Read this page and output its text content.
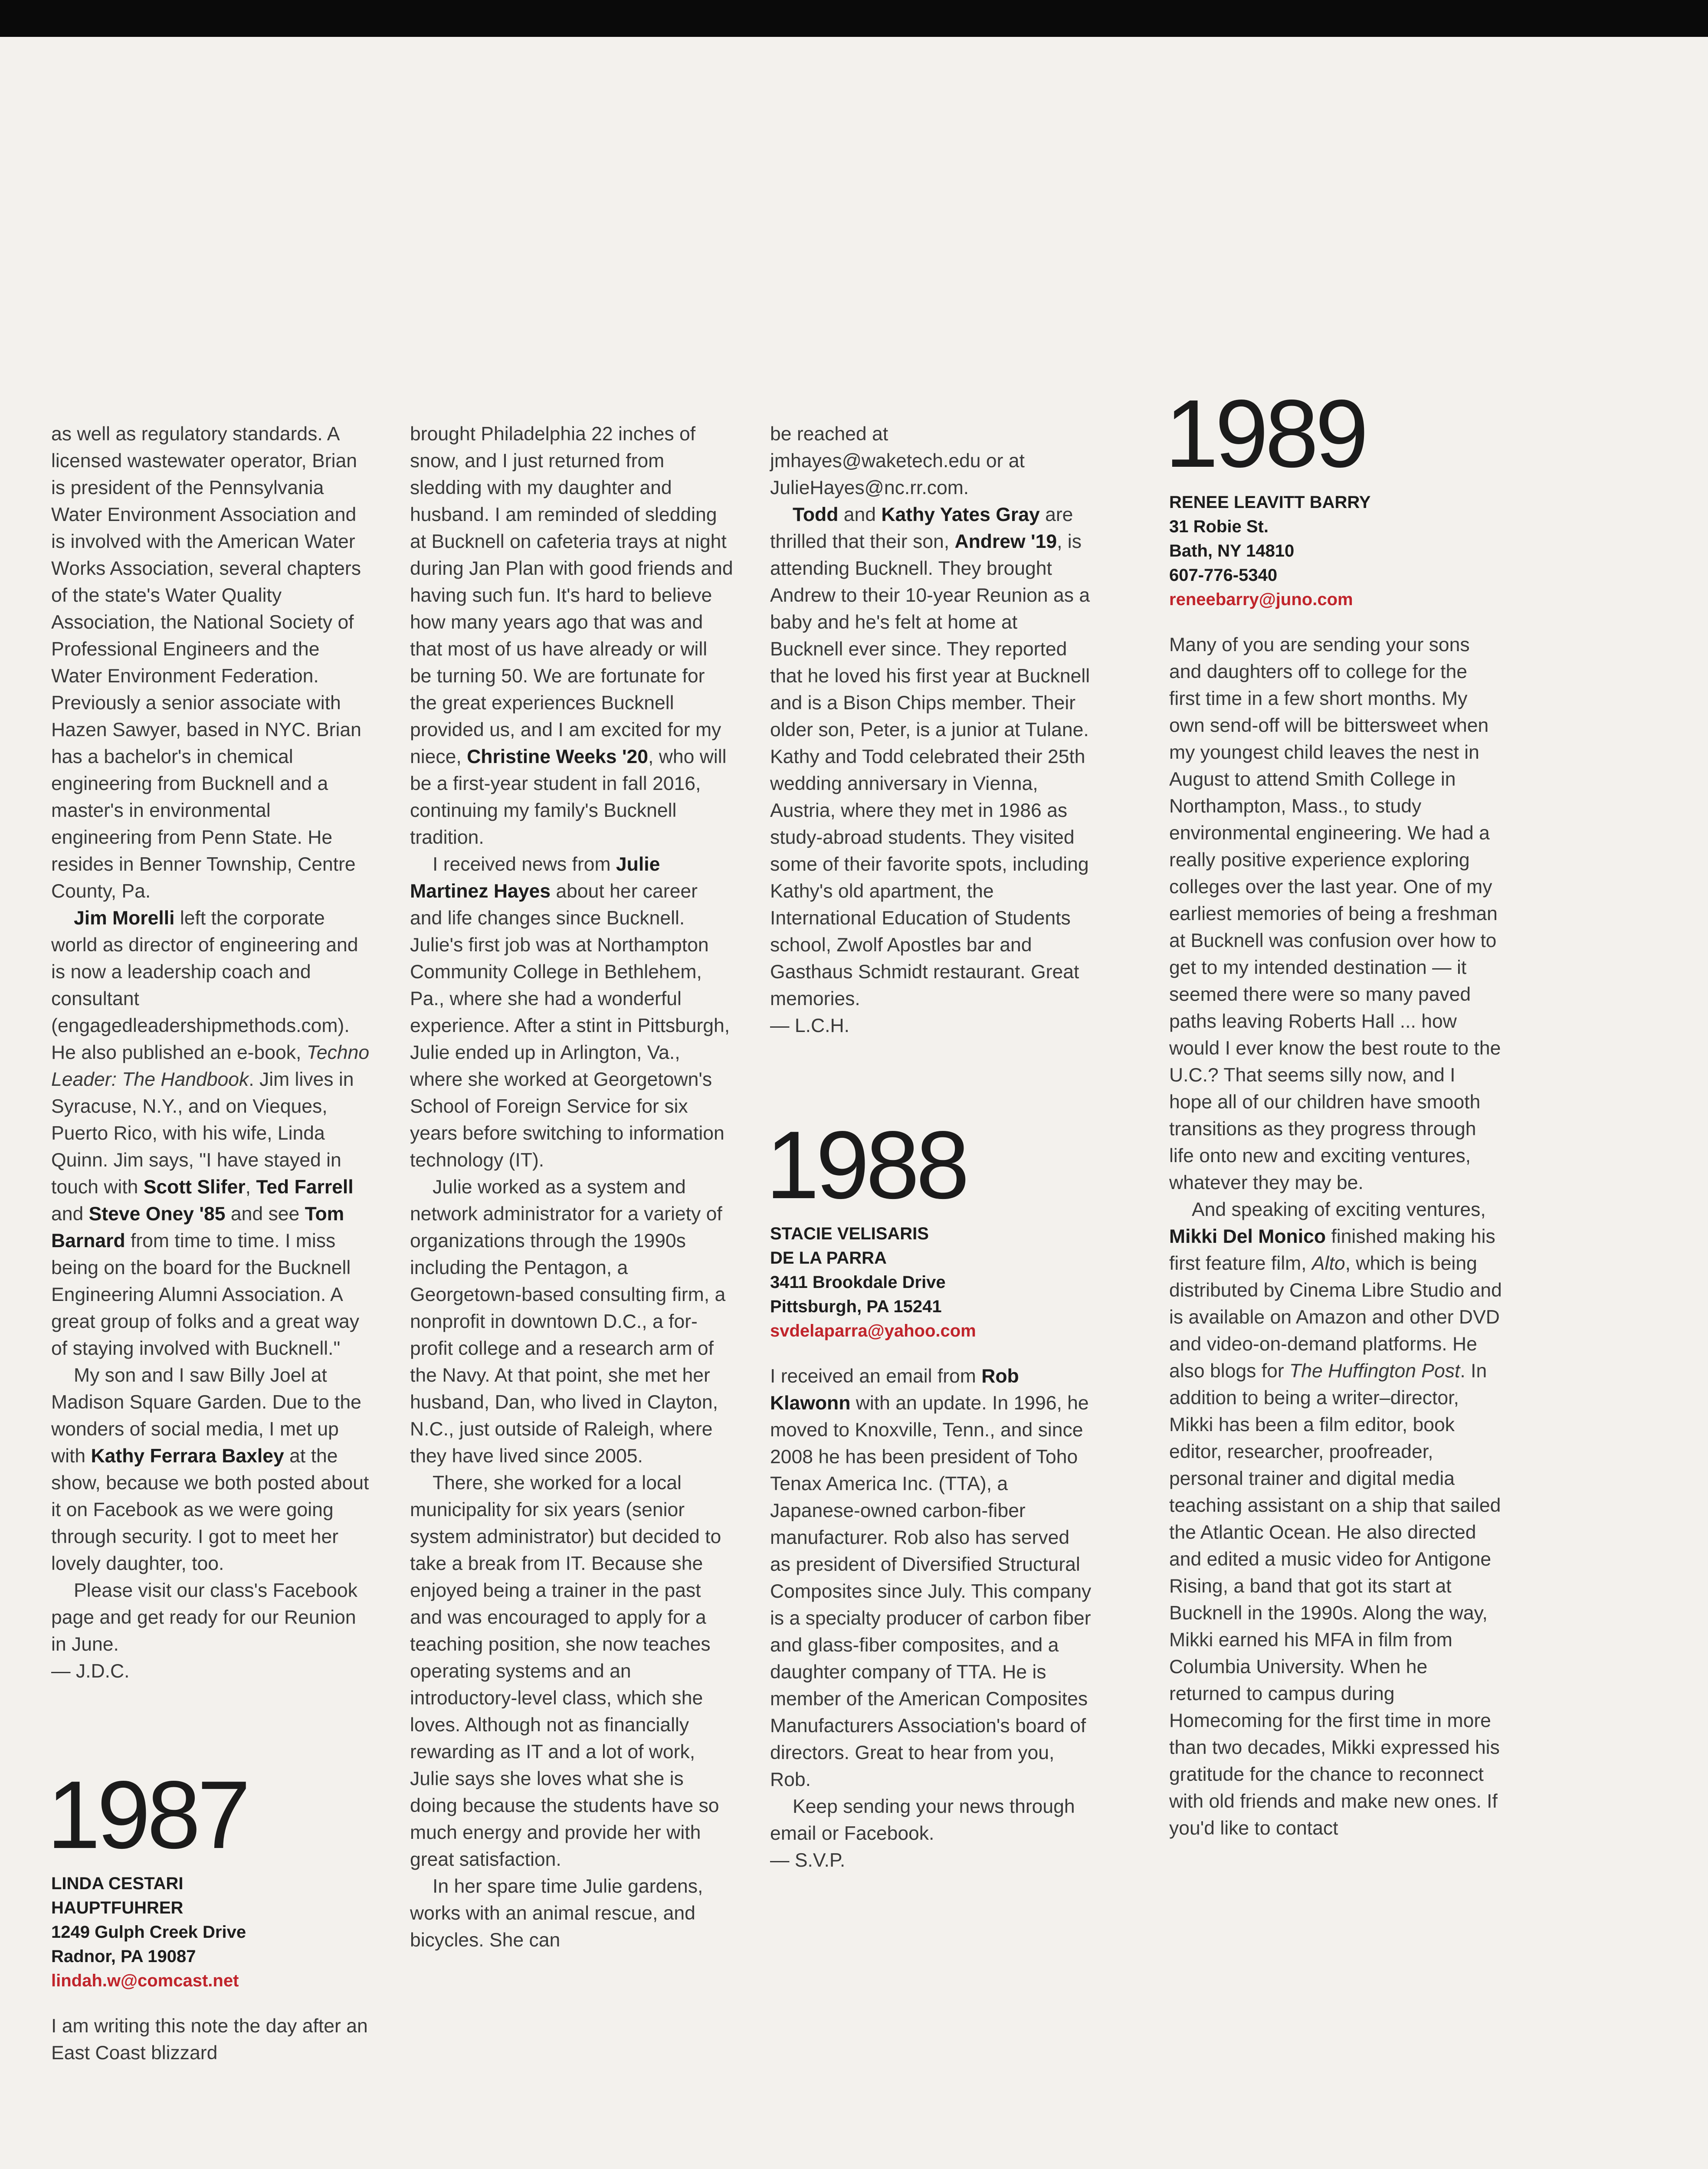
as well as regulatory standards. A licensed wastewater operator, Brian is president of the Pennsylvania Water Environment Association and is involved with the American Water Works Association, several chapters of the state's Water Quality Association, the National Society of Professional Engineers and the Water Environment Federation. Previously a senior associate with Hazen Sawyer, based in NYC. Brian has a bachelor's in chemical engineering from Bucknell and a master's in environmental engineering from Penn State. He resides in Benner Township, Centre County, Pa.

Jim Morelli left the corporate world as director of engineering and is now a leadership coach and consultant (engagedleadershipmethods.com). He also published an e-book, Techno Leader: The Handbook. Jim lives in Syracuse, N.Y., and on Vieques, Puerto Rico, with his wife, Linda Quinn. Jim says, "I have stayed in touch with Scott Slifer, Ted Farrell and Steve Oney '85 and see Tom Barnard from time to time. I miss being on the board for the Bucknell Engineering Alumni Association. A great group of folks and a great way of staying involved with Bucknell."

My son and I saw Billy Joel at Madison Square Garden. Due to the wonders of social media, I met up with Kathy Ferrara Baxley at the show, because we both posted about it on Facebook as we were going through security. I got to meet her lovely daughter, too.

Please visit our class's Facebook page and get ready for our Reunion in June.

— J.D.C.

1987
LINDA CESTARI
HAUPTFUHRER
1249 Gulph Creek Drive
Radnor, PA 19087
lindah.w@comcast.net

I am writing this note the day after an East Coast blizzard

brought Philadelphia 22 inches of snow, and I just returned from sledding with my daughter and husband. I am reminded of sledding at Bucknell on cafeteria trays at night during Jan Plan with good friends and having such fun. It's hard to believe how many years ago that was and that most of us have already or will be turning 50. We are fortunate for the great experiences Bucknell provided us, and I am excited for my niece, Christine Weeks '20, who will be a first-year student in fall 2016, continuing my family's Bucknell tradition.

I received news from Julie Martinez Hayes about her career and life changes since Bucknell. Julie's first job was at Northampton Community College in Bethlehem, Pa., where she had a wonderful experience. After a stint in Pittsburgh, Julie ended up in Arlington, Va., where she worked at Georgetown's School of Foreign Service for six years before switching to information technology (IT).

Julie worked as a system and network administrator for a variety of organizations through the 1990s including the Pentagon, a Georgetown-based consulting firm, a nonprofit in downtown D.C., a for-profit college and a research arm of the Navy. At that point, she met her husband, Dan, who lived in Clayton, N.C., just outside of Raleigh, where they have lived since 2005.

There, she worked for a local municipality for six years (senior system administrator) but decided to take a break from IT. Because she enjoyed being a trainer in the past and was encouraged to apply for a teaching position, she now teaches operating systems and an introductory-level class, which she loves. Although not as financially rewarding as IT and a lot of work, Julie says she loves what she is doing because the students have so much energy and provide her with great satisfaction.

In her spare time Julie gardens, works with an animal rescue, and bicycles. She can

be reached at jmhayes@waketech.edu or at JulieHayes@nc.rr.com.

Todd and Kathy Yates Gray are thrilled that their son, Andrew '19, is attending Bucknell. They brought Andrew to their 10-year Reunion as a baby and he's felt at home at Bucknell ever since. They reported that he loved his first year at Bucknell and is a Bison Chips member. Their older son, Peter, is a junior at Tulane. Kathy and Todd celebrated their 25th wedding anniversary in Vienna, Austria, where they met in 1986 as study-abroad students. They visited some of their favorite spots, including Kathy's old apartment, the International Education of Students school, Zwolf Apostles bar and Gasthaus Schmidt restaurant. Great memories.

— L.C.H.

1988
STACIE VELISARIS
DE LA PARRA
3411 Brookdale Drive
Pittsburgh, PA 15241
svdelaparra@yahoo.com

I received an email from Rob Klawonn with an update. In 1996, he moved to Knoxville, Tenn., and since 2008 he has been president of Toho Tenax America Inc. (TTA), a Japanese-owned carbon-fiber manufacturer. Rob also has served as president of Diversified Structural Composites since July. This company is a specialty producer of carbon fiber and glass-fiber composites, and a daughter company of TTA. He is member of the American Composites Manufacturers Association's board of directors. Great to hear from you, Rob.

Keep sending your news through email or Facebook.

— S.V.P.

1989
RENEE LEAVITT BARRY
31 Robie St.
Bath, NY 14810
607-776-5340
reneebarry@juno.com

Many of you are sending your sons and daughters off to college for the first time in a few short months. My own send-off will be bittersweet when my youngest child leaves the nest in August to attend Smith College in Northampton, Mass., to study environmental engineering. We had a really positive experience exploring colleges over the last year. One of my earliest memories of being a freshman at Bucknell was confusion over how to get to my intended destination — it seemed there were so many paved paths leaving Roberts Hall ... how would I ever know the best route to the U.C.? That seems silly now, and I hope all of our children have smooth transitions as they progress through life onto new and exciting ventures, whatever they may be.

And speaking of exciting ventures, Mikki Del Monico finished making his first feature film, Alto, which is being distributed by Cinema Libre Studio and is available on Amazon and other DVD and video-on-demand platforms. He also blogs for The Huffington Post. In addition to being a writer–director, Mikki has been a film editor, book editor, researcher, proofreader, personal trainer and digital media teaching assistant on a ship that sailed the Atlantic Ocean. He also directed and edited a music video for Antigone Rising, a band that got its start at Bucknell in the 1990s. Along the way, Mikki earned his MFA in film from Columbia University. When he returned to campus during Homecoming for the first time in more than two decades, Mikki expressed his gratitude for the chance to reconnect with old friends and make new ones. If you'd like to contact
